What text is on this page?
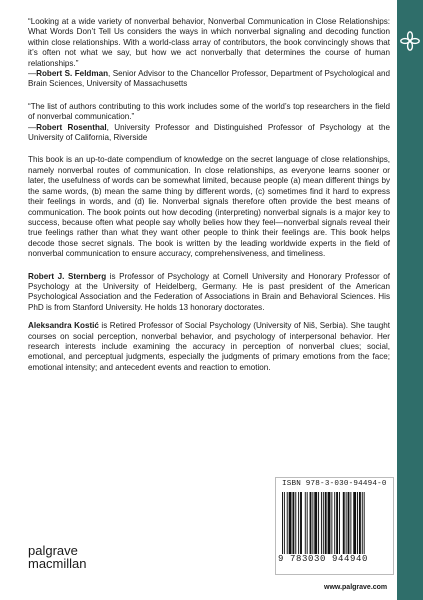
“Looking at a wide variety of nonverbal behavior, Nonverbal Communication in Close Relationships: What Words Don’t Tell Us considers the ways in which nonverbal signaling and decoding function within close relationships. With a world-class array of contributors, the book convincingly shows that it’s often not what we say, but how we act nonverbally that determines the course of human relationships.”

—Robert S. Feldman, Senior Advisor to the Chancellor Professor, Department of Psychological and Brain Sciences, University of Massachusetts

“The list of authors contributing to this work includes some of the world’s top researchers in the field of nonverbal communication.”

—Robert Rosenthal, University Professor and Distinguished Professor of Psychology at the University of California, Riverside

This book is an up-to-date compendium of knowledge on the secret language of close relationships, namely nonverbal routes of communication. In close relationships, as everyone learns sooner or later, the usefulness of words can be somewhat limited, because people (a) mean different things by the same words, (b) mean the same thing by different words, (c) sometimes find it hard to express their feelings in words, and (d) lie. Nonverbal signals therefore often provide the best means of communication. The book points out how decoding (interpreting) nonverbal signals is a major key to success, because often what people say wholly belies how they feel—nonverbal signals reveal their true feelings rather than what they want other people to think their feelings are. This book helps decode those secret signals. The book is written by the leading worldwide experts in the field of nonverbal communication to ensure accuracy, comprehensiveness, and timeliness.

Robert J. Sternberg is Professor of Psychology at Cornell University and Honorary Professor of Psychology at the University of Heidelberg, Germany. He is past president of the American Psychological Association and the Federation of Associations in Brain and Behavioral Sciences. His PhD is from Stanford University. He holds 13 honorary doctorates.

Aleksandra Kostić is Retired Professor of Social Psychology (University of Niš, Serbia). She taught courses on social perception, nonverbal behavior, and psychology of interpersonal behavior. Her research interests include examining the accuracy in perception of nonverbal clues; social, emotional, and perceptual judgments, especially the judgments of primary emotions from the face; emotional intensity; and antecedent events and reaction to emotion.

ISBN 978-3-030-94494-0
9 783030 944940
palgrave
macmillan
www.palgrave.com
